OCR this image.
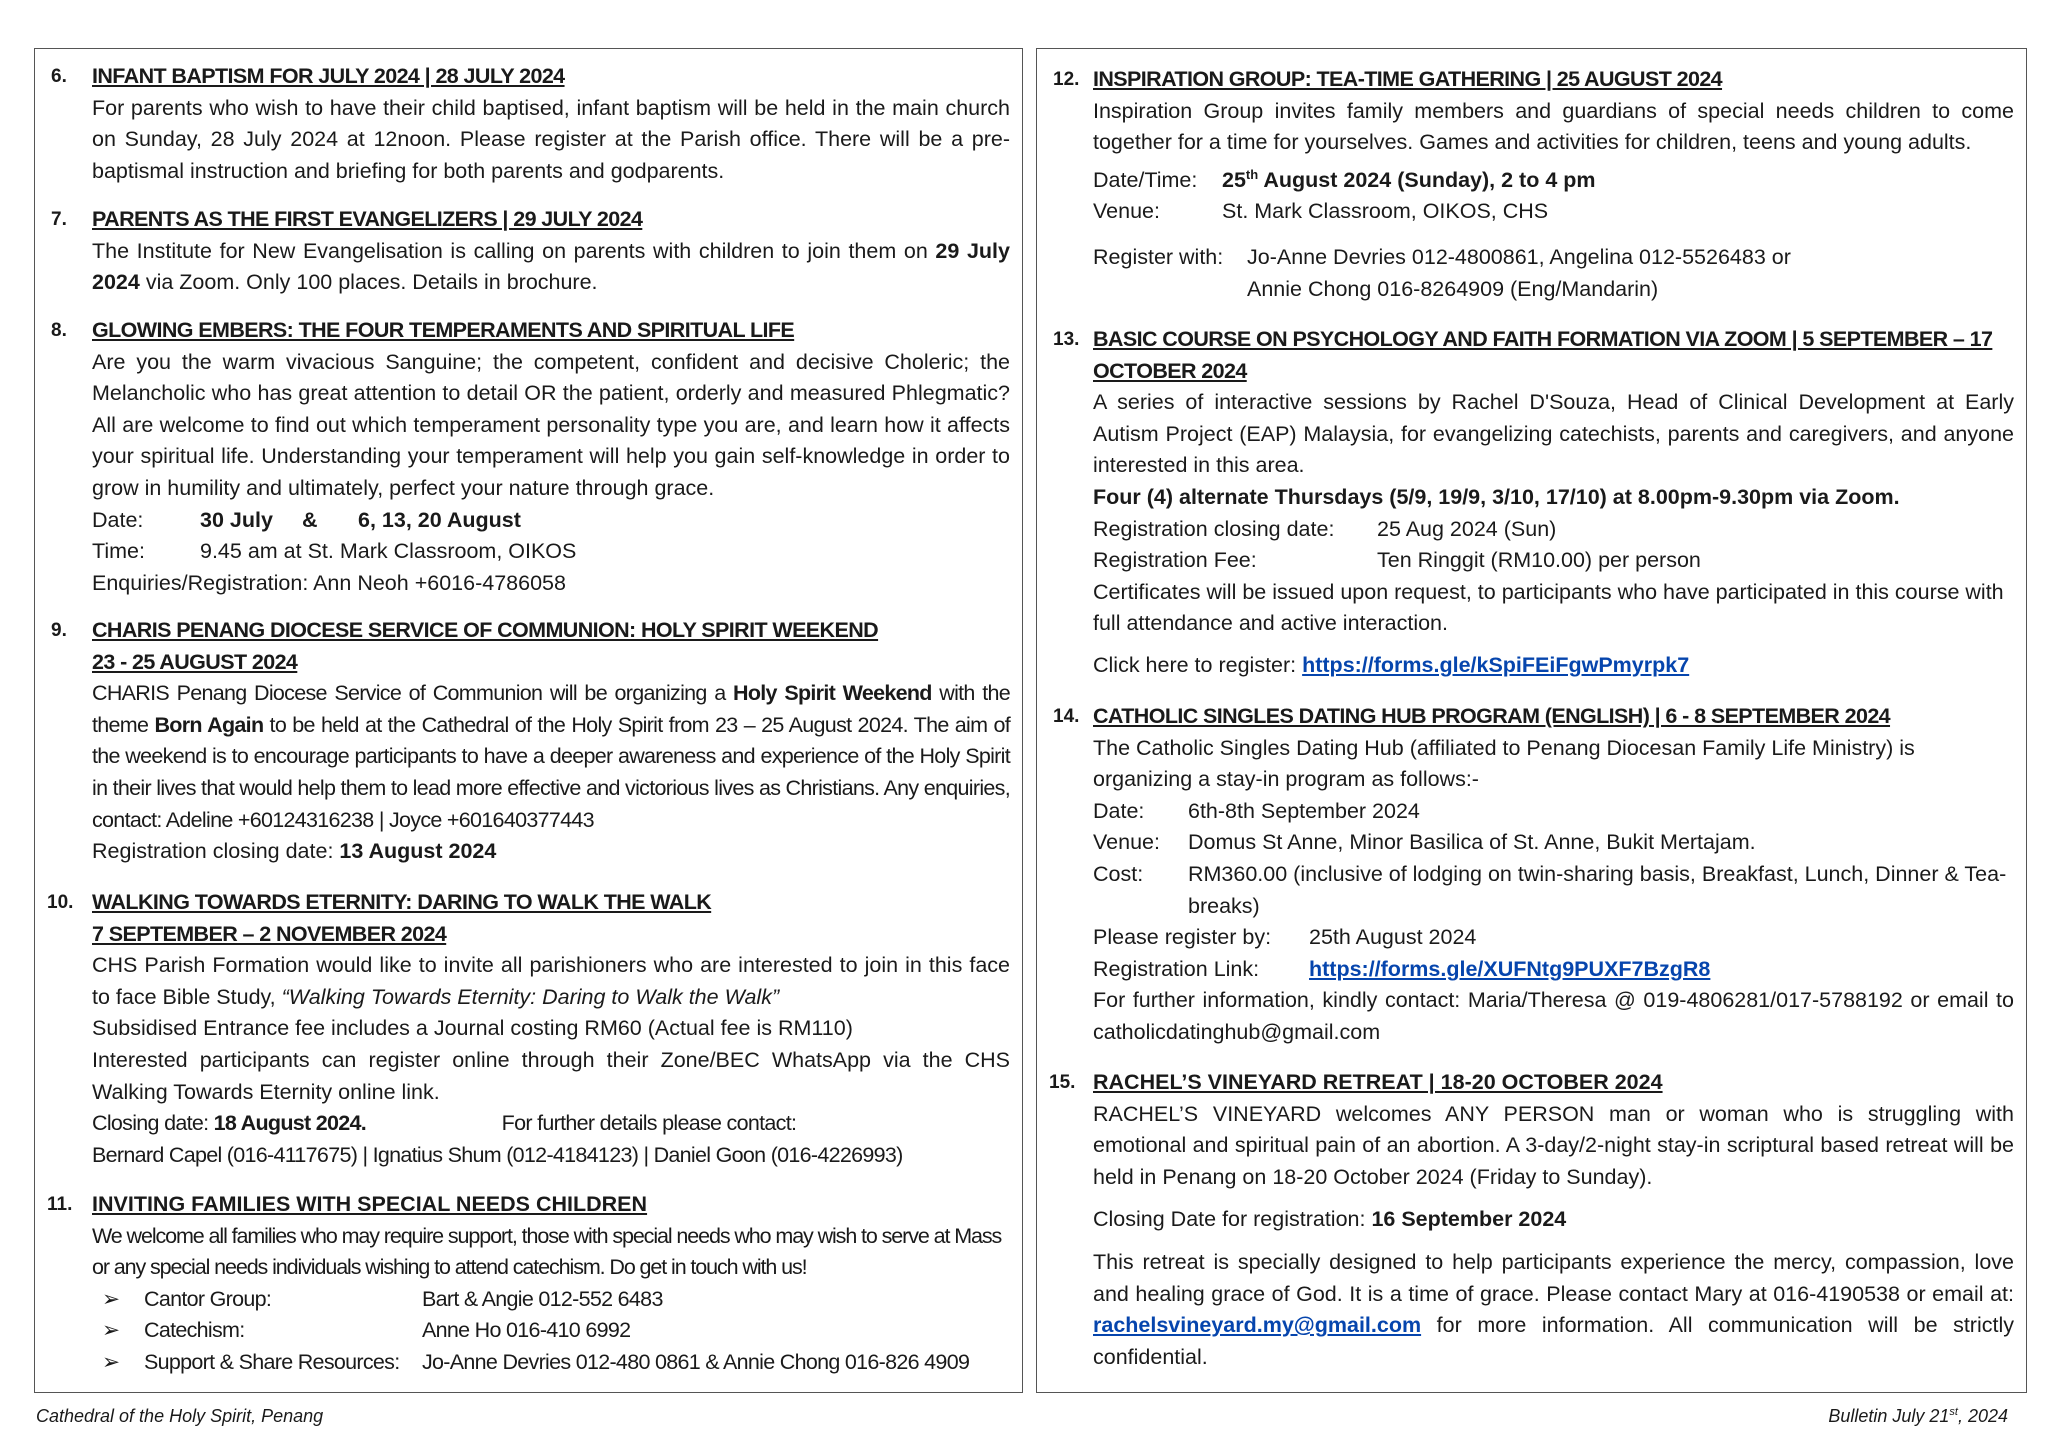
6. INFANT BAPTISM FOR JULY 2024 | 28 JULY 2024
For parents who wish to have their child baptised, infant baptism will be held in the main church on Sunday, 28 July 2024 at 12noon. Please register at the Parish office. There will be a pre-baptismal instruction and briefing for both parents and godparents.
7. PARENTS AS THE FIRST EVANGELIZERS | 29 JULY 2024
The Institute for New Evangelisation is calling on parents with children to join them on 29 July 2024 via Zoom. Only 100 places. Details in brochure.
8. GLOWING EMBERS: THE FOUR TEMPERAMENTS AND SPIRITUAL LIFE
Are you the warm vivacious Sanguine; the competent, confident and decisive Choleric; the Melancholic who has great attention to detail OR the patient, orderly and measured Phlegmatic? All are welcome to find out which temperament personality type you are, and learn how it affects your spiritual life. Understanding your temperament will help you gain self-knowledge in order to grow in humility and ultimately, perfect your nature through grace.
Date:	30 July & 6, 13, 20 August
Time:	9.45 am at St. Mark Classroom, OIKOS
Enquiries/Registration: Ann Neoh +6016-4786058
9. CHARIS PENANG DIOCESE SERVICE OF COMMUNION: HOLY SPIRIT WEEKEND
23 - 25 AUGUST 2024
CHARIS Penang Diocese Service of Communion will be organizing a Holy Spirit Weekend with the theme Born Again to be held at the Cathedral of the Holy Spirit from 23 – 25 August 2024. The aim of the weekend is to encourage participants to have a deeper awareness and experience of the Holy Spirit in their lives that would help them to lead more effective and victorious lives as Christians. Any enquiries, contact: Adeline +60124316238 | Joyce +601640377443
Registration closing date: 13 August 2024
10. WALKING TOWARDS ETERNITY: DARING TO WALK THE WALK
7 SEPTEMBER – 2 NOVEMBER 2024
CHS Parish Formation would like to invite all parishioners who are interested to join in this face to face Bible Study, “Walking Towards Eternity: Daring to Walk the Walk”
Subsidised Entrance fee includes a Journal costing RM60 (Actual fee is RM110)
Interested participants can register online through their Zone/BEC WhatsApp via the CHS Walking Towards Eternity online link.
Closing date: 18 August 2024.	For further details please contact:
Bernard Capel (016-4117675) | Ignatius Shum (012-4184123) | Daniel Goon (016-4226993)
11. INVITING FAMILIES WITH SPECIAL NEEDS CHILDREN
We welcome all families who may require support, those with special needs who may wish to serve at Mass or any special needs individuals wishing to attend catechism. Do get in touch with us!
➢ Cantor Group:	Bart & Angie 012-552 6483
➢ Catechism:	Anne Ho 016-410 6992
➢ Support & Share Resources: Jo-Anne Devries 012-480 0861 & Annie Chong 016-826 4909
12. INSPIRATION GROUP: TEA-TIME GATHERING | 25 AUGUST 2024
Inspiration Group invites family members and guardians of special needs children to come together for a time for yourselves. Games and activities for children, teens and young adults.
Date/Time: 25th August 2024 (Sunday), 2 to 4 pm
Venue:	St. Mark Classroom, OIKOS, CHS
Register with: Jo-Anne Devries 012-4800861, Angelina 012-5526483 or
Annie Chong 016-8264909 (Eng/Mandarin)
13. BASIC COURSE ON PSYCHOLOGY AND FAITH FORMATION VIA ZOOM | 5 SEPTEMBER – 17 OCTOBER 2024
A series of interactive sessions by Rachel D'Souza, Head of Clinical Development at Early Autism Project (EAP) Malaysia, for evangelizing catechists, parents and caregivers, and anyone interested in this area.
Four (4) alternate Thursdays (5/9, 19/9, 3/10, 17/10) at 8.00pm-9.30pm via Zoom.
Registration closing date: 25 Aug 2024 (Sun)
Registration Fee:	Ten Ringgit (RM10.00) per person
Certificates will be issued upon request, to participants who have participated in this course with full attendance and active interaction.
Click here to register: https://forms.gle/kSpiFEiFgwPmyrpk7
14. CATHOLIC SINGLES DATING HUB PROGRAM (ENGLISH) | 6 - 8 SEPTEMBER 2024
The Catholic Singles Dating Hub (affiliated to Penang Diocesan Family Life Ministry) is organizing a stay-in program as follows:-
Date: 6th-8th September 2024
Venue: Domus St Anne, Minor Basilica of St. Anne, Bukit Mertajam.
Cost:	RM360.00 (inclusive of lodging on twin-sharing basis, Breakfast, Lunch, Dinner & Tea-breaks)
Please register by: 25th August 2024
Registration Link: https://forms.gle/XUFNtg9PUXF7BzgR8
For further information, kindly contact: Maria/Theresa @ 019-4806281/017-5788192 or email to catholicdatinghub@gmail.com
15. RACHEL’S VINEYARD RETREAT | 18-20 OCTOBER 2024
RACHEL’S VINEYARD welcomes ANY PERSON man or woman who is struggling with emotional and spiritual pain of an abortion. A 3-day/2-night stay-in scriptural based retreat will be held in Penang on 18-20 October 2024 (Friday to Sunday).
Closing Date for registration: 16 September 2024
This retreat is specially designed to help participants experience the mercy, compassion, love and healing grace of God. It is a time of grace. Please contact Mary at 016-4190538 or email at: rachelsvineyard.my@gmail.com for more information. All communication will be strictly confidential.
Cathedral of the Holy Spirit, Penang	Bulletin July 21st, 2024
